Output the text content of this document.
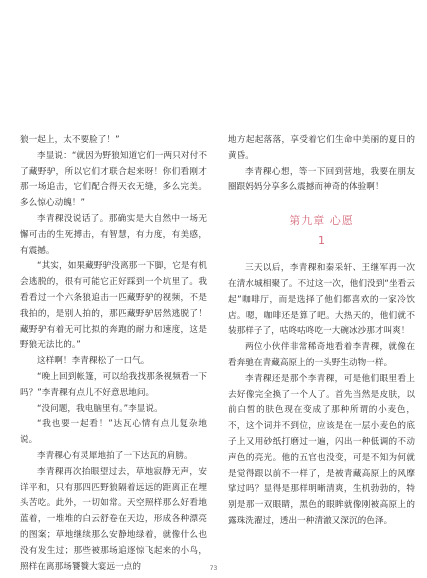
狼一起上，太不要脸了！”

李显说：“就因为野狼知道它们一两只对付不了藏野驴，所以它们才联合起来呀！你们看刚才那一场追击，它们配合得天衣无缝，多么完美。多么惊心动魄！”

李青稞没说话了。那确实是大自然中一场无懈可击的生死搏击，有智慧，有力度，有美感，有震撼。

“其实，如果藏野驴没离那一下脚，它是有机会逃脱的，很有可能它正好踩到一个坑里了。我看看过一个六条狼追击一匹藏野驴的视频，不是我拍的，是别人拍的，那匹藏野驴居然逃脱了！藏野驴有着无可比拟的奔跑的耐力和速度，这是野狼无法比的。”

这样啊！李青稞松了一口气。

“晚上回到帐篷，可以给我找那条视频看一下吗？”李青稞有点儿不好意思地问。

“没问题，我电脑里有。”李显说。

“我也要一起看！”达瓦心情有点儿复杂地说。

李青稞心有灵犀地拍了一下达瓦的肩膀。

李青稞再次抬眼望过去，草地寂静无声，安详平和，只有那四匹野狼隔着远远的距离正在埋头苦吃。此外，一切如常。天空照样那么好看地蓝着，一堆堆的白云舒卷在天边，形成各种漂亮的图案；草地继续那么安静地绿着，就像什么也没有发生过；那些被那场追逐惊飞起来的小鸟，照样在离那场饕餮大宴远一点的

地方起起落落，享受着它们生命中美丽的夏日的黄昏。

李青稞心想，等一下回到营地，我要在朋友圈跟妈妈分享多么震撼而神奇的体验啊！

第九章 心愿
1

三天以后，李青稞和秦采轩、王继军再一次在清水城相聚了。不过这一次，他们没到“坐看云起”咖啡厅，而是选择了他们都喜欢的一家冷饮店。嗯，咖啡还是算了吧。大热天的，他们就不装那样子了，咕咚咕咚吃一大碗冰沙那才叫爽！

两位小伙伴非常稀奇地看着李青稞，就像在看奔驰在青藏高原上的一头野生动物一样。

李青稞还是那个李青稞，可是他们眼里看上去好像完全换了一个人了。首先当然是皮肤，以前白皙的肤色现在变成了那种所谓的小麦色，不，这个词并不到位，应该是在一层小麦色的底子上又用砂纸打磨过一遍，闪出一种低调的不动声色的亮光。他的五官也没变，可是不知为何就是觉得跟以前不一样了，是被青藏高原上的风摩挲过吗？显得是那样明晰清爽，生机勃勃的，特别是那一双眼睛，黑色的眼眸就像刚被高原上的露珠洗濯过，透出一种清澈又深沉的色泽。

73
